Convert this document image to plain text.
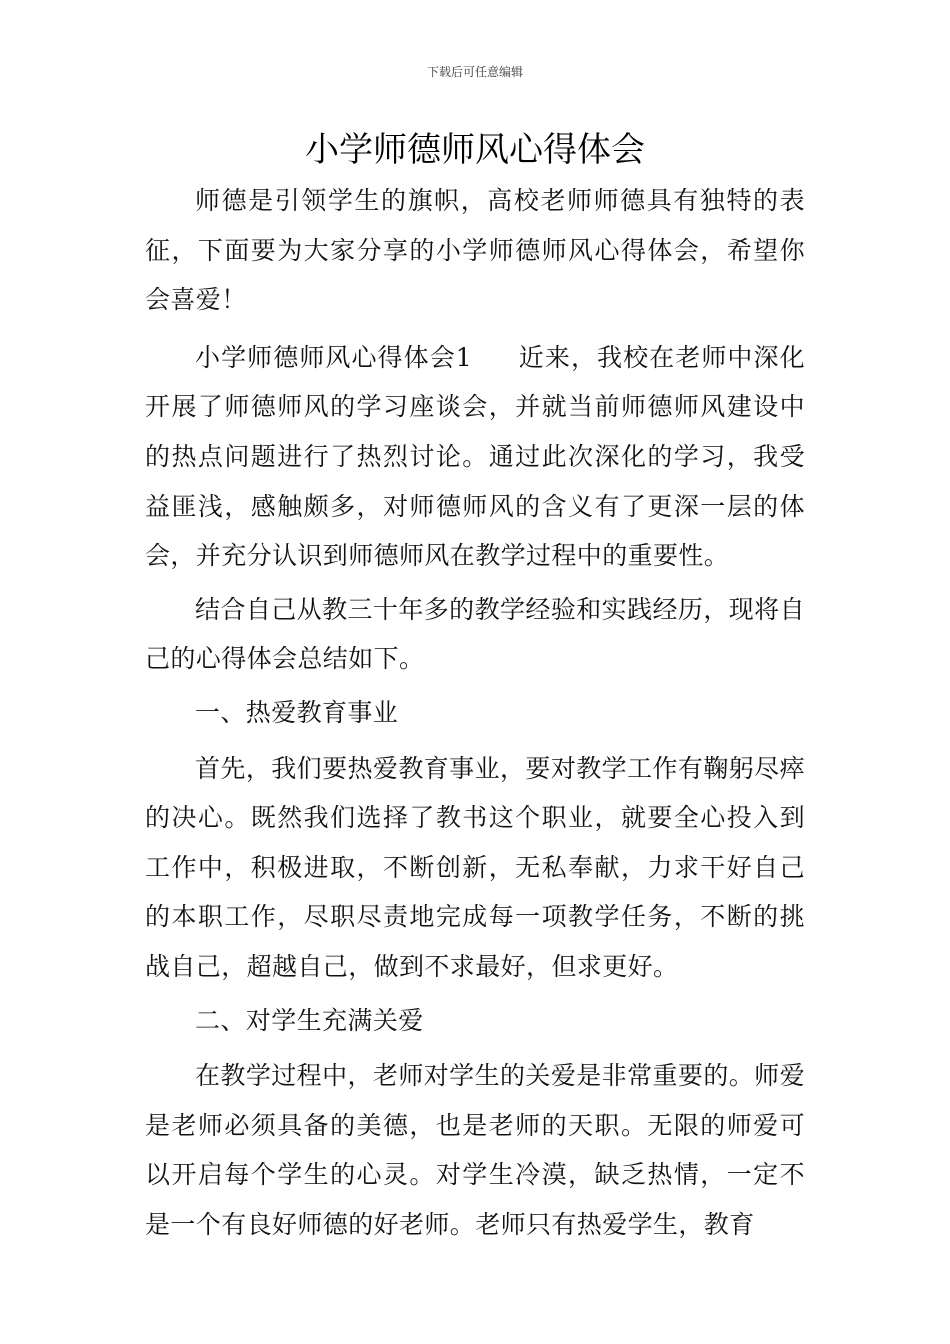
下载后可任意编辑
小学师德师风心得体会

师德是引领学生的旗帜，高校老师师德具有独特的表征，下面要为大家分享的小学师德师风心得体会，希望你会喜爱！

小学师德师风心得体会1 近来，我校在老师中深化开展了师德师风的学习座谈会，并就当前师德师风建设中的热点问题进行了热烈讨论。通过此次深化的学习，我受益匪浅，感触颇多，对师德师风的含义有了更深一层的体会，并充分认识到师德师风在教学过程中的重要性。

结合自己从教三十年多的教学经验和实践经历，现将自己的心得体会总结如下。

一、热爱教育事业

首先，我们要热爱教育事业，要对教学工作有鞠躬尽瘁的决心。既然我们选择了教书这个职业，就要全心投入到工作中，积极进取，不断创新，无私奉献，力求干好自己的本职工作，尽职尽责地完成每一项教学任务，不断的挑战自己，超越自己，做到不求最好，但求更好。

二、对学生充满关爱

在教学过程中，老师对学生的关爱是非常重要的。师爱是老师必须具备的美德，也是老师的天职。无限的师爱可以开启每个学生的心灵。对学生冷漠，缺乏热情，一定不是一个有良好师德的好老师。老师只有热爱学生，教育
